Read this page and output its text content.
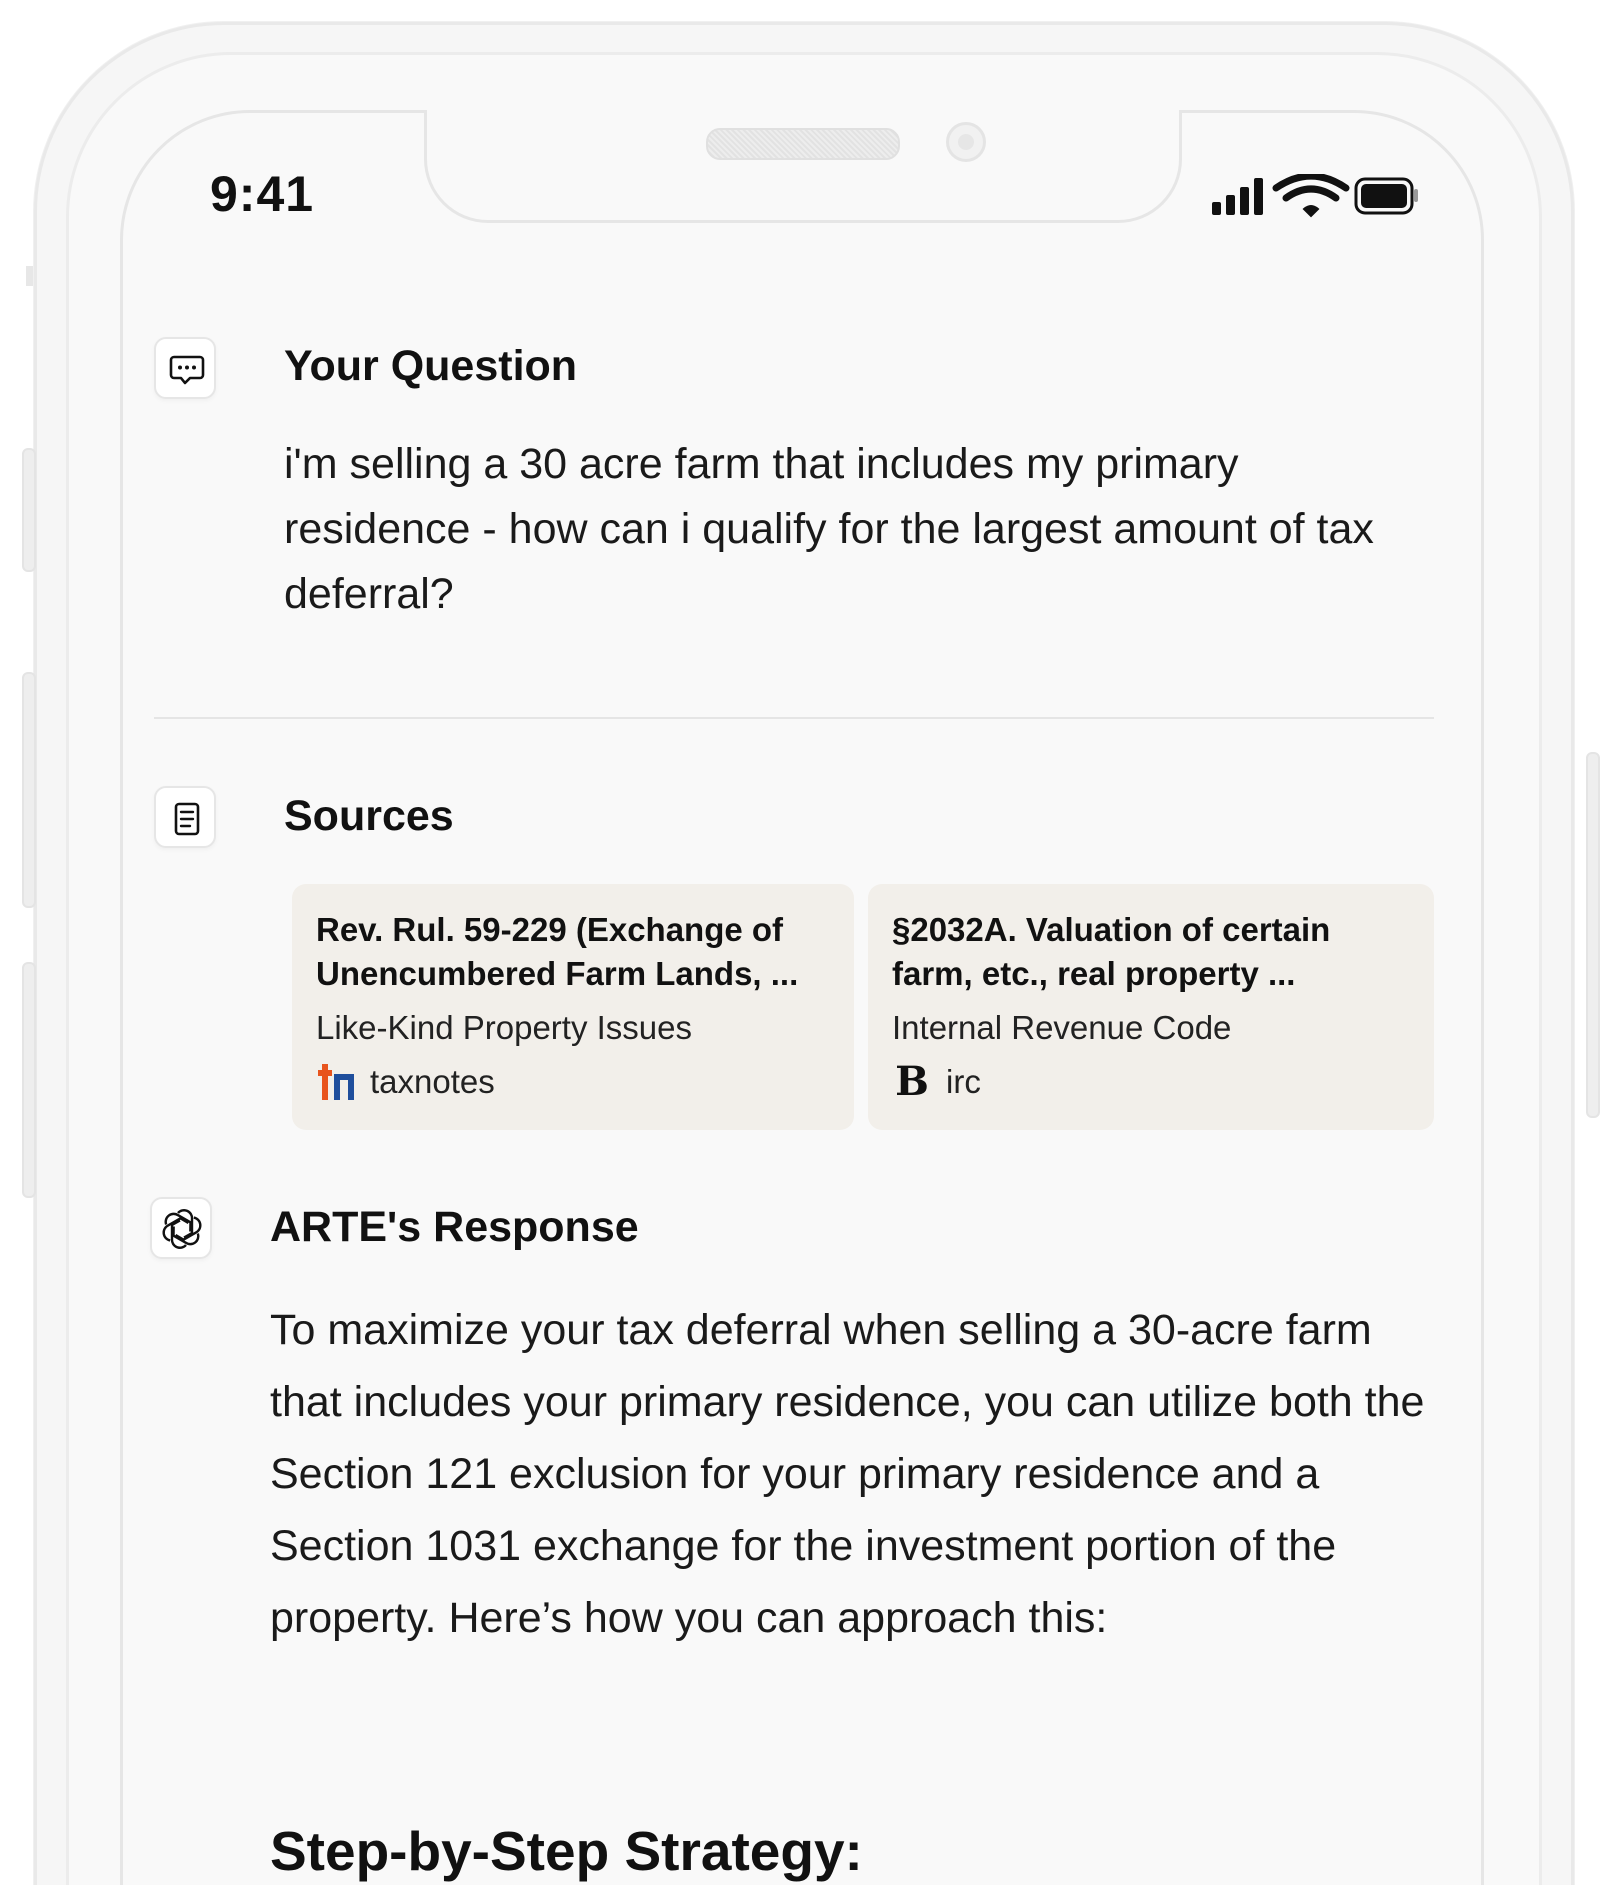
9:41
Your Question
i'm selling a 30 acre farm that includes my primary residence - how can i qualify for the largest amount of tax deferral?
Sources
Rev. Rul. 59-229 (Exchange of Unencumbered Farm Lands, ...
Like-Kind Property Issues
taxnotes
§2032A. Valuation of certain farm, etc., real property ...
Internal Revenue Code
B irc
ARTE's Response
To maximize your tax deferral when selling a 30-acre farm that includes your primary residence, you can utilize both the Section 121 exclusion for your primary residence and a Section 1031 exchange for the investment portion of the property. Here’s how you can approach this:
Step-by-Step Strategy:
